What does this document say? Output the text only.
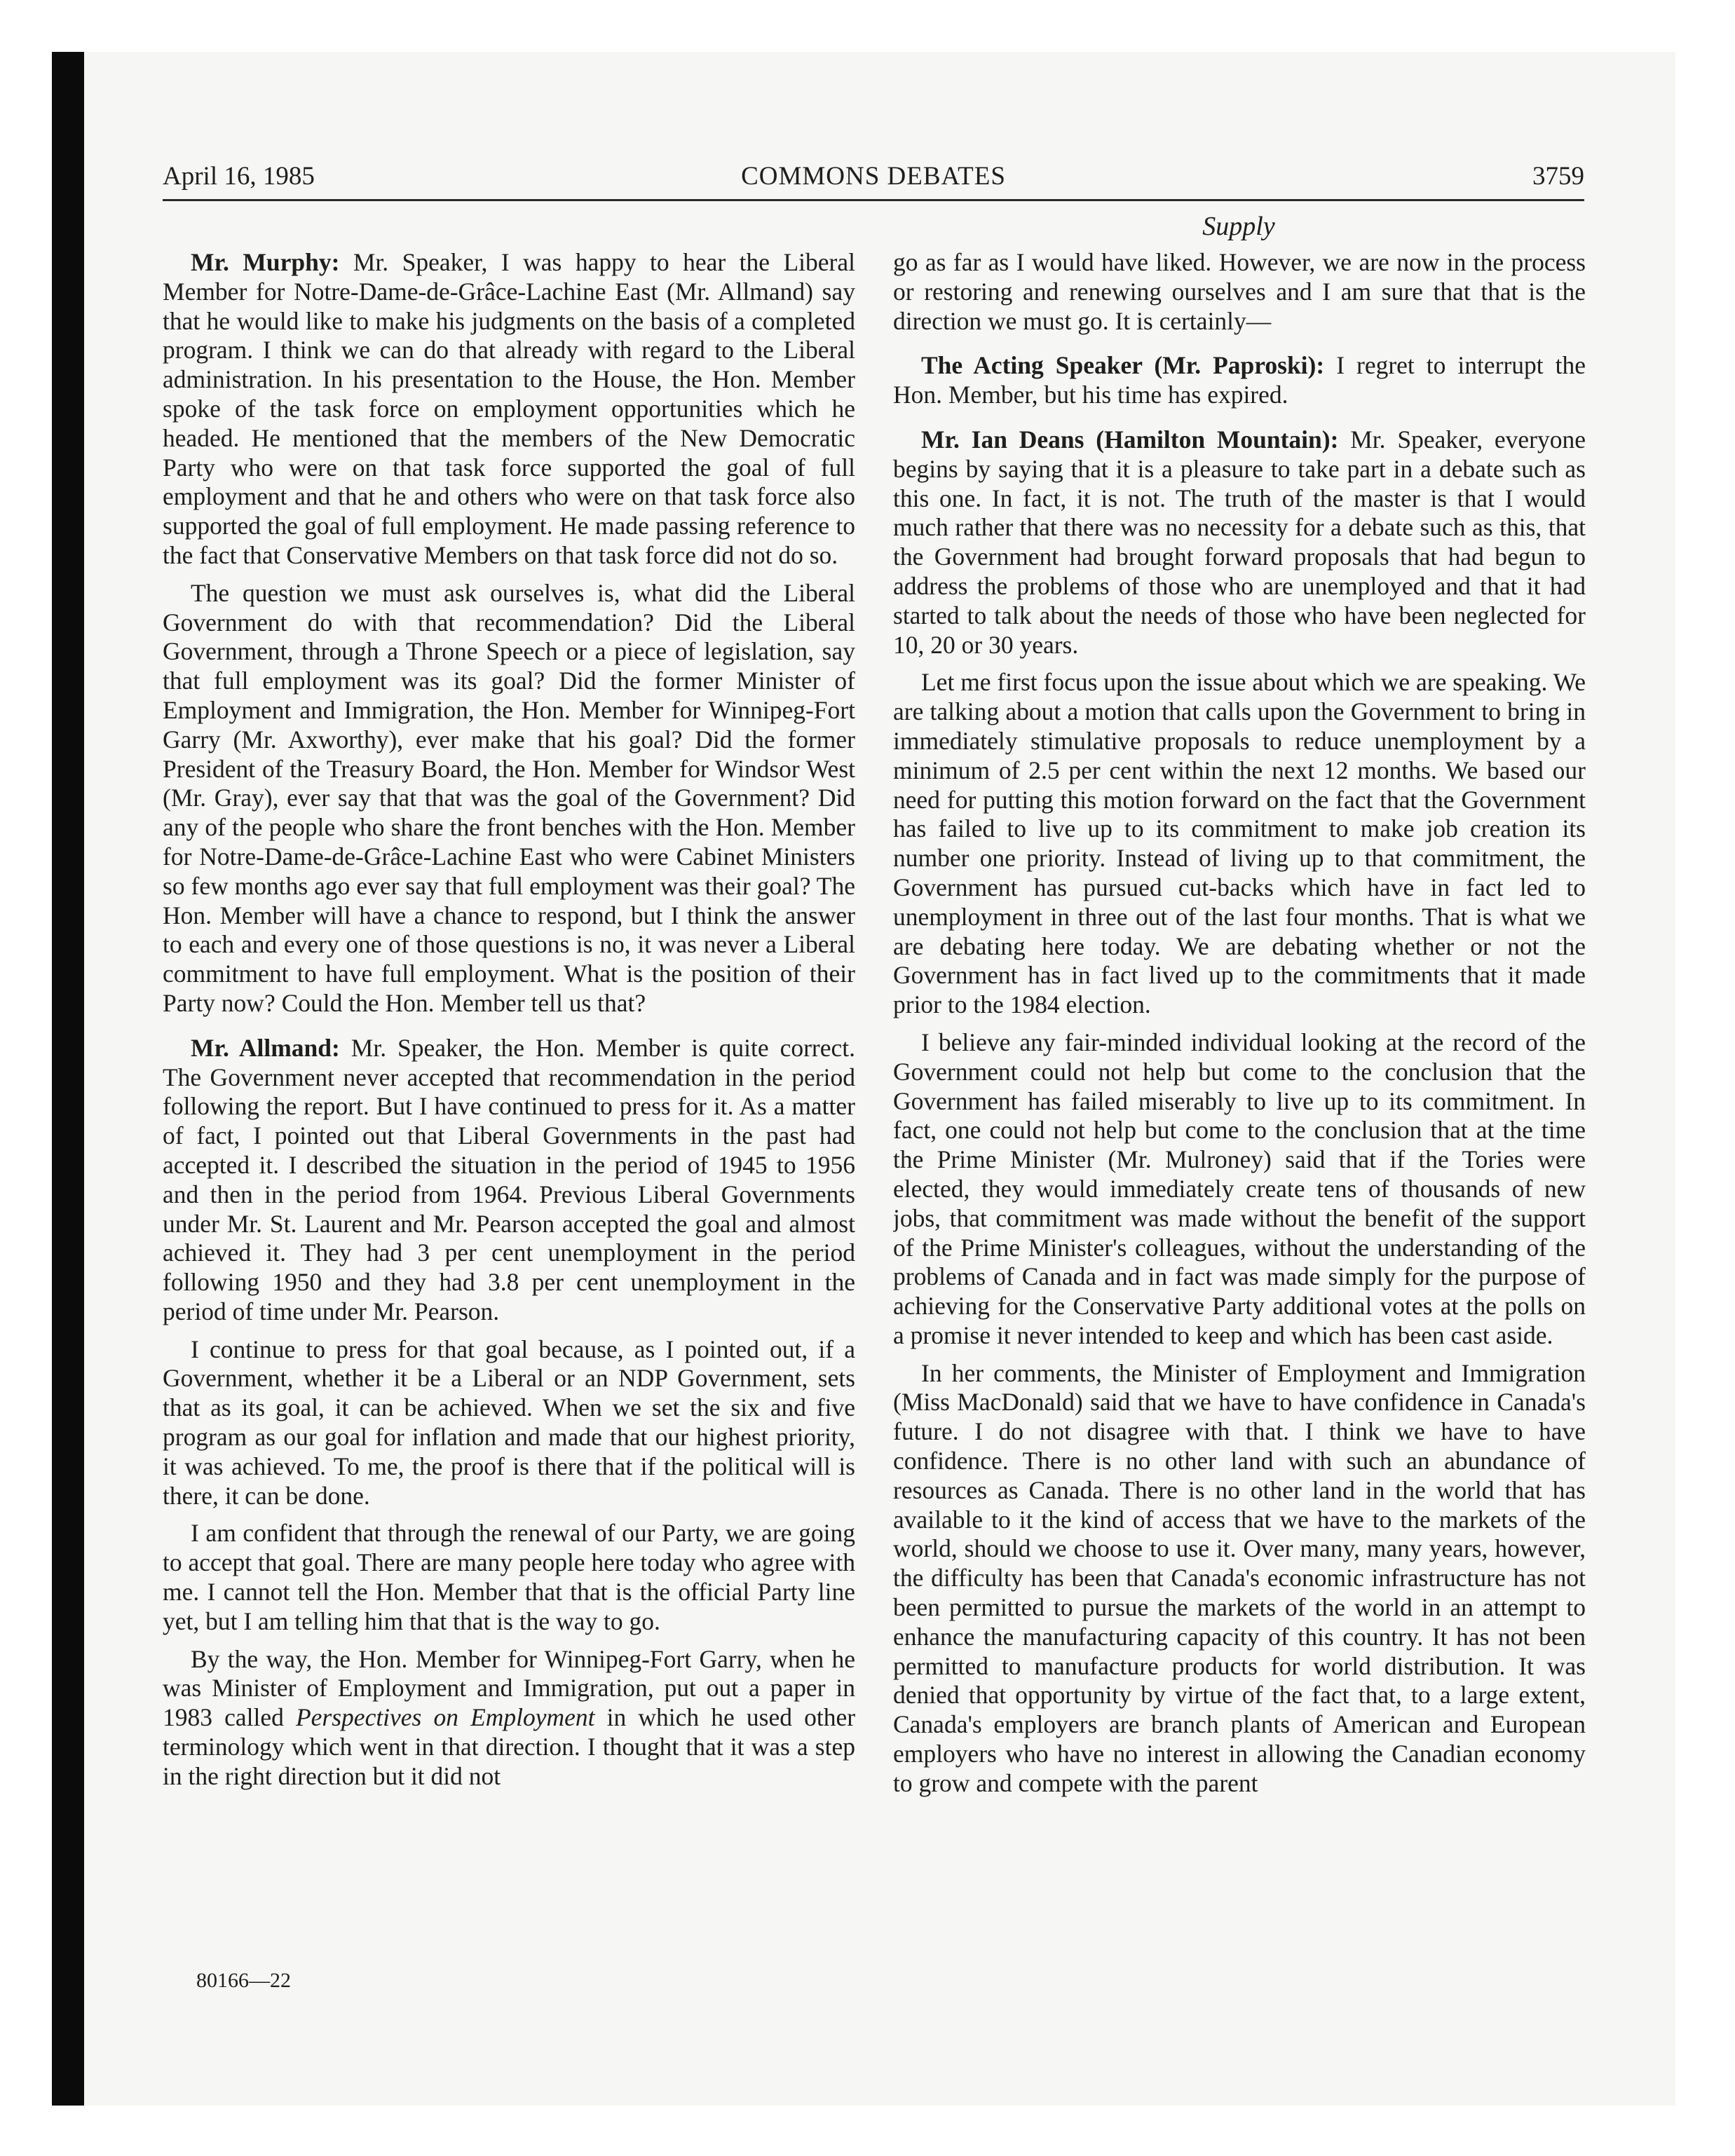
COMMONS DEBATES
April 16, 1985	3759
Supply

Mr. Murphy: Mr. Speaker, I was happy to hear the Liberal Member for Notre-Dame-de-Grâce-Lachine East (Mr. Allmand) say that he would like to make his judgments on the basis of a completed program. I think we can do that already with regard to the Liberal administration. In his presentation to the House, the Hon. Member spoke of the task force on employment opportunities which he headed. He mentioned that the members of the New Democratic Party who were on that task force supported the goal of full employment and that he and others who were on that task force also supported the goal of full employment. He made passing reference to the fact that Conservative Members on that task force did not do so.

The question we must ask ourselves is, what did the Liberal Government do with that recommendation? Did the Liberal Government, through a Throne Speech or a piece of legislation, say that full employment was its goal? Did the former Minister of Employment and Immigration, the Hon. Member for Winnipeg-Fort Garry (Mr. Axworthy), ever make that his goal? Did the former President of the Treasury Board, the Hon. Member for Windsor West (Mr. Gray), ever say that that was the goal of the Government? Did any of the people who share the front benches with the Hon. Member for Notre-Dame-de-Grâce-Lachine East who were Cabinet Ministers so few months ago ever say that full employment was their goal? The Hon. Member will have a chance to respond, but I think the answer to each and every one of those questions is no, it was never a Liberal commitment to have full employment. What is the position of their Party now? Could the Hon. Member tell us that?

Mr. Allmand: Mr. Speaker, the Hon. Member is quite correct. The Government never accepted that recommendation in the period following the report. But I have continued to press for it. As a matter of fact, I pointed out that Liberal Governments in the past had accepted it. I described the situation in the period of 1945 to 1956 and then in the period from 1964. Previous Liberal Governments under Mr. St. Laurent and Mr. Pearson accepted the goal and almost achieved it. They had 3 per cent unemployment in the period following 1950 and they had 3.8 per cent unemployment in the period of time under Mr. Pearson.

I continue to press for that goal because, as I pointed out, if a Government, whether it be a Liberal or an NDP Government, sets that as its goal, it can be achieved. When we set the six and five program as our goal for inflation and made that our highest priority, it was achieved. To me, the proof is there that if the political will is there, it can be done.

I am confident that through the renewal of our Party, we are going to accept that goal. There are many people here today who agree with me. I cannot tell the Hon. Member that that is the official Party line yet, but I am telling him that that is the way to go.

By the way, the Hon. Member for Winnipeg-Fort Garry, when he was Minister of Employment and Immigration, put out a paper in 1983 called Perspectives on Employment in which he used other terminology which went in that direction. I thought that it was a step in the right direction but it did not

go as far as I would have liked. However, we are now in the process or restoring and renewing ourselves and I am sure that that is the direction we must go. It is certainly—

The Acting Speaker (Mr. Paproski): I regret to interrupt the Hon. Member, but his time has expired.

Mr. Ian Deans (Hamilton Mountain): Mr. Speaker, everyone begins by saying that it is a pleasure to take part in a debate such as this one. In fact, it is not. The truth of the master is that I would much rather that there was no necessity for a debate such as this, that the Government had brought forward proposals that had begun to address the problems of those who are unemployed and that it had started to talk about the needs of those who have been neglected for 10, 20 or 30 years.

Let me first focus upon the issue about which we are speaking. We are talking about a motion that calls upon the Government to bring in immediately stimulative proposals to reduce unemployment by a minimum of 2.5 per cent within the next 12 months. We based our need for putting this motion forward on the fact that the Government has failed to live up to its commitment to make job creation its number one priority. Instead of living up to that commitment, the Government has pursued cut-backs which have in fact led to unemployment in three out of the last four months. That is what we are debating here today. We are debating whether or not the Government has in fact lived up to the commitments that it made prior to the 1984 election.

I believe any fair-minded individual looking at the record of the Government could not help but come to the conclusion that the Government has failed miserably to live up to its commitment. In fact, one could not help but come to the conclusion that at the time the Prime Minister (Mr. Mulroney) said that if the Tories were elected, they would immediately create tens of thousands of new jobs, that commitment was made without the benefit of the support of the Prime Minister's colleagues, without the understanding of the problems of Canada and in fact was made simply for the purpose of achieving for the Conservative Party additional votes at the polls on a promise it never intended to keep and which has been cast aside.

In her comments, the Minister of Employment and Immigration (Miss MacDonald) said that we have to have confidence in Canada's future. I do not disagree with that. I think we have to have confidence. There is no other land with such an abundance of resources as Canada. There is no other land in the world that has available to it the kind of access that we have to the markets of the world, should we choose to use it. Over many, many years, however, the difficulty has been that Canada's economic infrastructure has not been permitted to pursue the markets of the world in an attempt to enhance the manufacturing capacity of this country. It has not been permitted to manufacture products for world distribution. It was denied that opportunity by virtue of the fact that, to a large extent, Canada's employers are branch plants of American and European employers who have no interest in allowing the Canadian economy to grow and compete with the parent

80166—22
